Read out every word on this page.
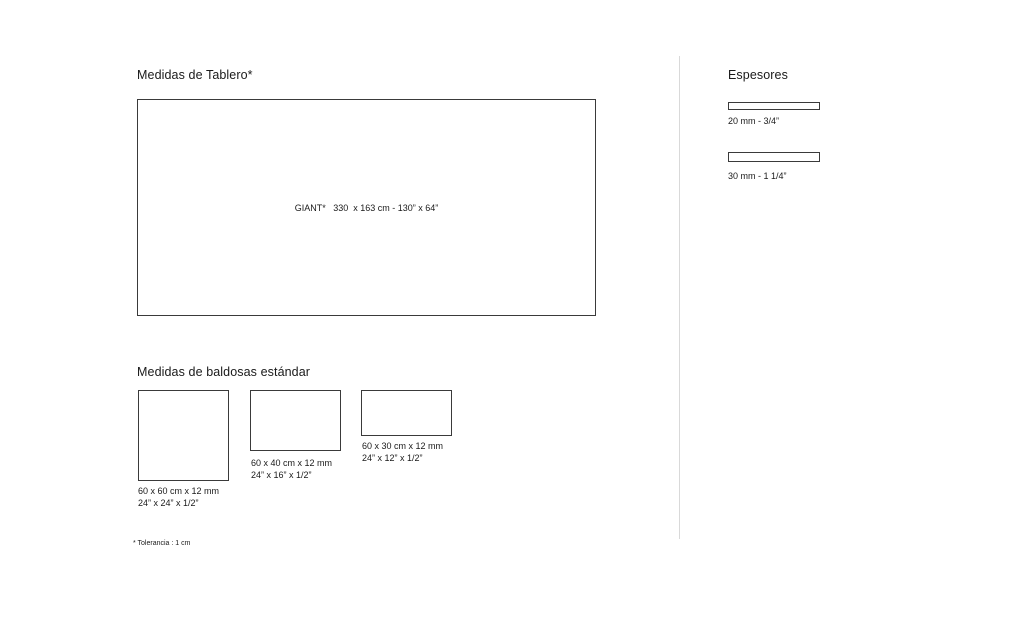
Medidas de Tablero*
GIANT*
330  x 163 cm - 130” x 64”
Medidas de baldosas estándar
60 x 60 cm x 12 mm
24” x 24” x 1/2”
60 x 40 cm x 12 mm
24” x 16” x 1/2”
60 x 30 cm x 12 mm
24” x 12” x 1/2”
* Tolerancia : 1 cm
Espesores
20 mm - 3/4”
30 mm - 1 1/4”
